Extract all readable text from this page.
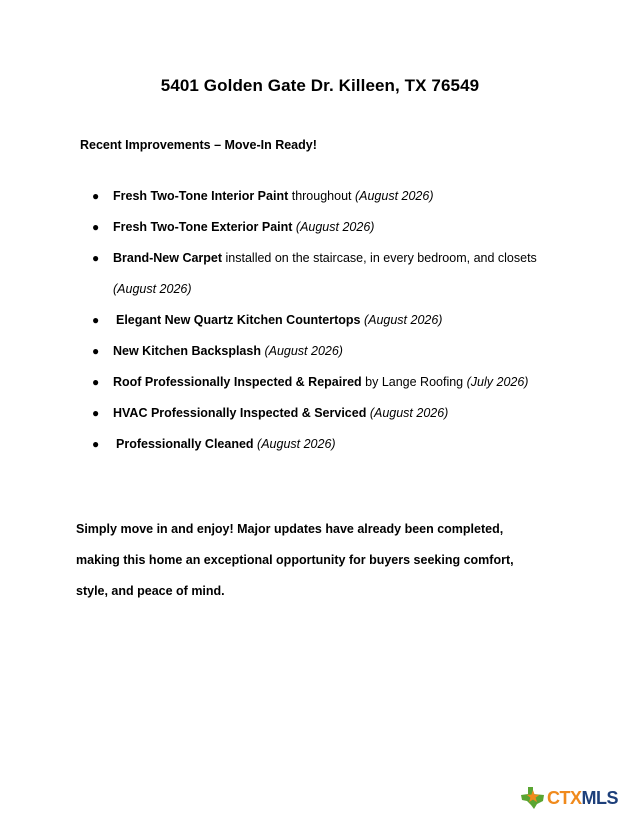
5401 Golden Gate Dr. Killeen, TX 76549
Recent Improvements – Move-In Ready!
● Fresh Two-Tone Interior Paint throughout (August 2026)
● Fresh Two-Tone Exterior Paint (August 2026)
● Brand-New Carpet installed on the staircase, in every bedroom, and closets (August 2026)
● Elegant New Quartz Kitchen Countertops (August 2026)
● New Kitchen Backsplash (August 2026)
● Roof Professionally Inspected & Repaired by Lange Roofing (July 2026)
● HVAC Professionally Inspected & Serviced (August 2026)
● Professionally Cleaned (August 2026)
Simply move in and enjoy! Major updates have already been completed,
making this home an exceptional opportunity for buyers seeking comfort,
style, and peace of mind.
CTXMLS
